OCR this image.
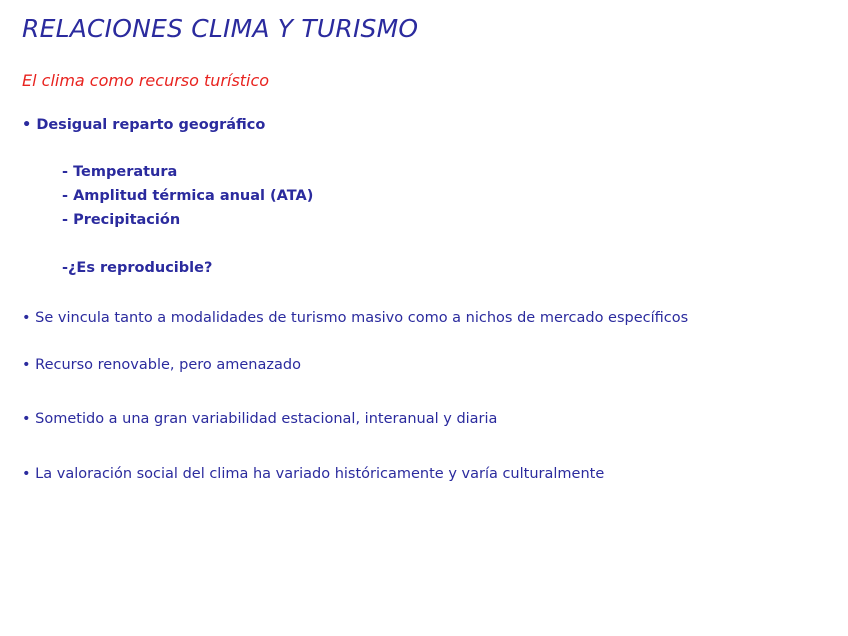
RELACIONES CLIMA Y TURISMO
El clima como recurso turístico
• Desigual reparto geográfico
- Temperatura
- Amplitud térmica anual (ATA)
- Precipitación
-¿Es reproducible?
• Se vincula tanto a modalidades de turismo masivo como a nichos de mercado específicos
• Recurso renovable, pero amenazado
• Sometido a una gran variabilidad estacional, interanual y diaria
• La valoración social del clima ha variado históricamente y varía culturalmente
